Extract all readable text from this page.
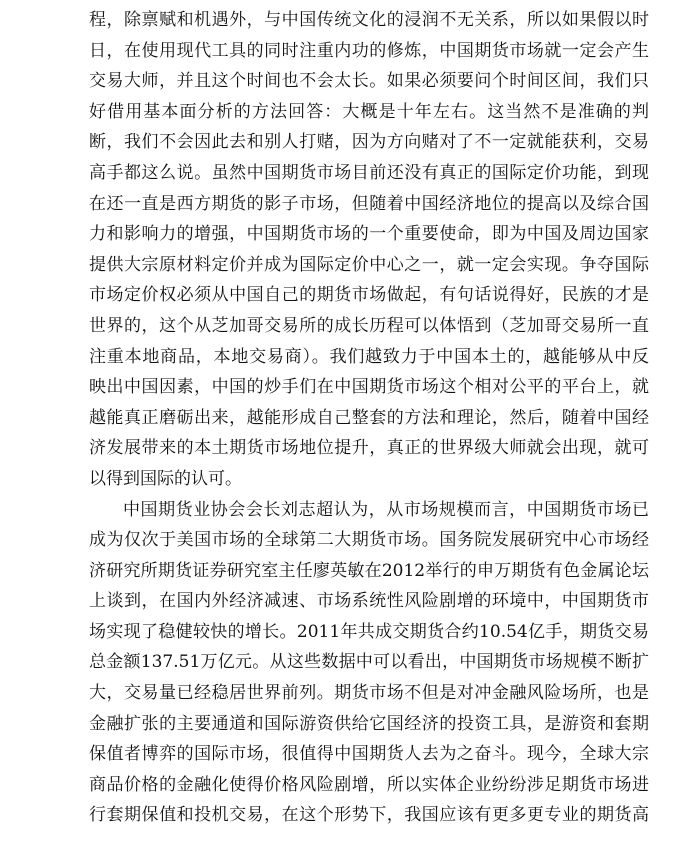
程，除禀赋和机遇外，与中国传统文化的浸润不无关系，所以如果假以时
日，在使用现代工具的同时注重内功的修炼，中国期货市场就一定会产生
交易大师，并且这个时间也不会太长。如果必须要问个时间区间，我们只
好借用基本面分析的方法回答：大概是十年左右。这当然不是准确的判
断，我们不会因此去和别人打赌，因为方向赌对了不一定就能获利，交易
高手都这么说。虽然中国期货市场目前还没有真正的国际定价功能，到现
在还一直是西方期货的影子市场，但随着中国经济地位的提高以及综合国
力和影响力的增强，中国期货市场的一个重要使命，即为中国及周边国家
提供大宗原材料定价并成为国际定价中心之一，就一定会实现。争夺国际
市场定价权必须从中国自己的期货市场做起，有句话说得好，民族的才是
世界的，这个从芝加哥交易所的成长历程可以体悟到（芝加哥交易所一直
注重本地商品，本地交易商）。我们越致力于中国本土的，越能够从中反
映出中国因素，中国的炒手们在中国期货市场这个相对公平的平台上，就
越能真正磨砺出来，越能形成自己整套的方法和理论，然后，随着中国经
济发展带来的本土期货市场地位提升，真正的世界级大师就会出现，就可
以得到国际的认可。
中国期货业协会会长刘志超认为，从市场规模而言，中国期货市场已
成为仅次于美国市场的全球第二大期货市场。国务院发展研究中心市场经
济研究所期货证券研究室主任廖英敏在2012举行的申万期货有色金属论坛
上谈到，在国内外经济减速、市场系统性风险剧增的环境中，中国期货市
场实现了稳健较快的增长。2011年共成交期货合约10.54亿手，期货交易
总金额137.51万亿元。从这些数据中可以看出，中国期货市场规模不断扩
大，交易量已经稳居世界前列。期货市场不但是对冲金融风险场所，也是
金融扩张的主要通道和国际游资供给它国经济的投资工具，是游资和套期
保值者博弈的国际市场，很值得中国期货人去为之奋斗。现今，全球大宗
商品价格的金融化使得价格风险剧增，所以实体企业纷纷涉足期货市场进
行套期保值和投机交易，在这个形势下，我国应该有更多更专业的期货高
